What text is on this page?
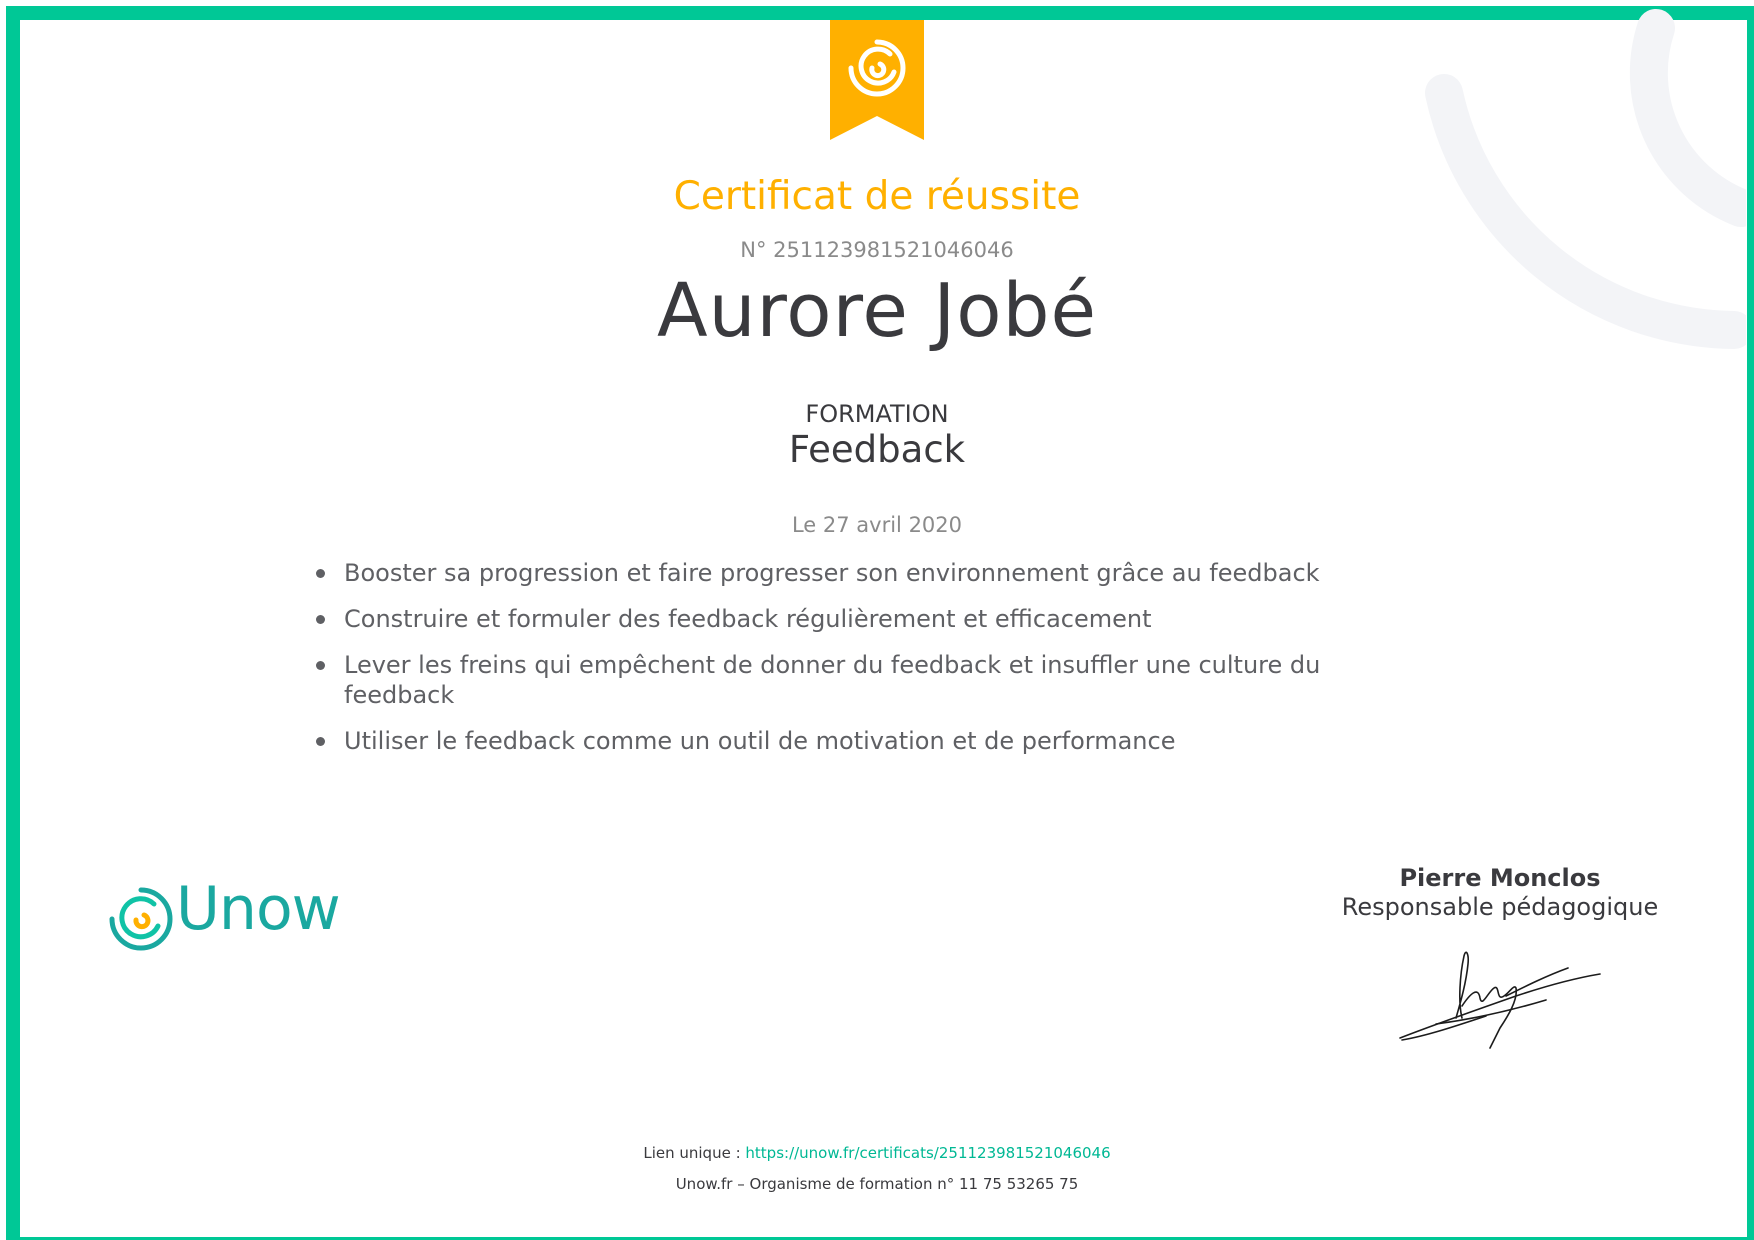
Certificat de réussite
N° 251123981521046046
Aurore Jobé
FORMATION
Feedback
Le 27 avril 2020
Booster sa progression et faire progresser son environnement grâce au feedback
Construire et formuler des feedback régulièrement et efficacement
Lever les freins qui empêchent de donner du feedback et insuffler une culture du feedback
Utiliser le feedback comme un outil de motivation et de performance
Unow	Pierre Monclos
Responsable pédagogique
Lien unique : https://unow.fr/certificats/251123981521046046
Unow.fr – Organisme de formation n° 11 75 53265 75
